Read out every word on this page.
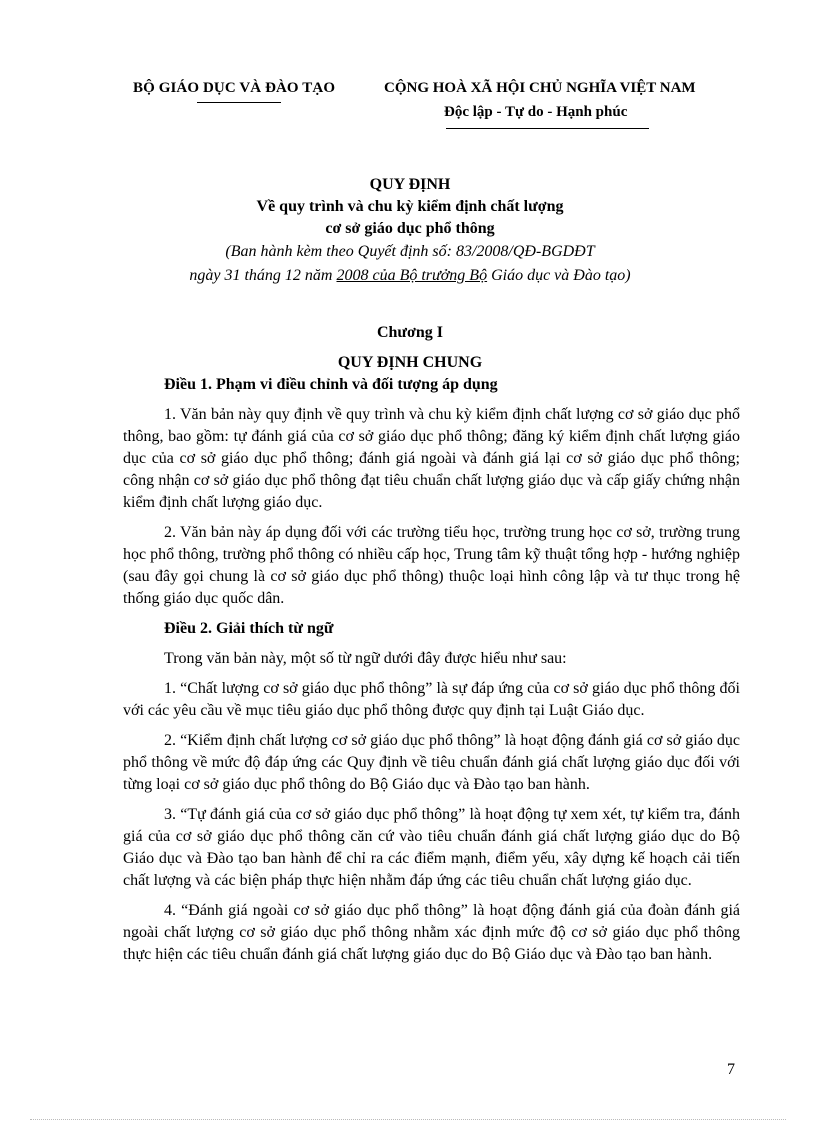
BỘ GIÁO DỤC VÀ ĐÀO TẠO	CỘNG HOÀ XÃ HỘI CHỦ NGHĨA VIỆT NAM
Độc lập - Tự do - Hạnh phúc
QUY ĐỊNH
Về quy trình và chu kỳ kiểm định chất lượng
cơ sở giáo dục phổ thông
(Ban hành kèm theo Quyết định số: 83/2008/QĐ-BGDĐT
ngày 31 tháng 12 năm 2008 của Bộ trưởng Bộ Giáo dục và Đào tạo)
Chương I
QUY ĐỊNH CHUNG
Điều 1. Phạm vi điều chỉnh và đối tượng áp dụng
1. Văn bản này quy định về quy trình và chu kỳ kiểm định chất lượng cơ sở giáo dục phổ thông, bao gồm: tự đánh giá của cơ sở giáo dục phổ thông; đăng ký kiểm định chất lượng giáo dục của cơ sở giáo dục phổ thông; đánh giá ngoài và đánh giá lại cơ sở giáo dục phổ thông; công nhận cơ sở giáo dục phổ thông đạt tiêu chuẩn chất lượng giáo dục và cấp giấy chứng nhận kiểm định chất lượng giáo dục.
2. Văn bản này áp dụng đối với các trường tiểu học, trường trung học cơ sở, trường trung học phổ thông, trường phổ thông có nhiều cấp học, Trung tâm kỹ thuật tổng hợp - hướng nghiệp (sau đây gọi chung là cơ sở giáo dục phổ thông) thuộc loại hình công lập và tư thục trong hệ thống giáo dục quốc dân.
Điều 2. Giải thích từ ngữ
Trong văn bản này, một số từ ngữ dưới đây được hiểu như sau:
1. “Chất lượng cơ sở giáo dục phổ thông” là sự đáp ứng của cơ sở giáo dục phổ thông đối với các yêu cầu về mục tiêu giáo dục phổ thông được quy định tại Luật Giáo dục.
2. “Kiểm định chất lượng cơ sở giáo dục phổ thông” là hoạt động đánh giá cơ sở giáo dục phổ thông về mức độ đáp ứng các Quy định về tiêu chuẩn đánh giá chất lượng giáo dục đối với từng loại cơ sở giáo dục phổ thông do Bộ Giáo dục và Đào tạo ban hành.
3. “Tự đánh giá của cơ sở giáo dục phổ thông” là hoạt động tự xem xét, tự kiểm tra, đánh giá của cơ sở giáo dục phổ thông căn cứ vào tiêu chuẩn đánh giá chất lượng giáo dục do Bộ Giáo dục và Đào tạo ban hành để chỉ ra các điểm mạnh, điểm yếu, xây dựng kế hoạch cải tiến chất lượng và các biện pháp thực hiện nhằm đáp ứng các tiêu chuẩn chất lượng giáo dục.
4. “Đánh giá ngoài cơ sở giáo dục phổ thông” là hoạt động đánh giá của đoàn đánh giá ngoài chất lượng cơ sở giáo dục phổ thông nhằm xác định mức độ cơ sở giáo dục phổ thông thực hiện các tiêu chuẩn đánh giá chất lượng giáo dục do Bộ Giáo dục và Đào tạo ban hành.
7
